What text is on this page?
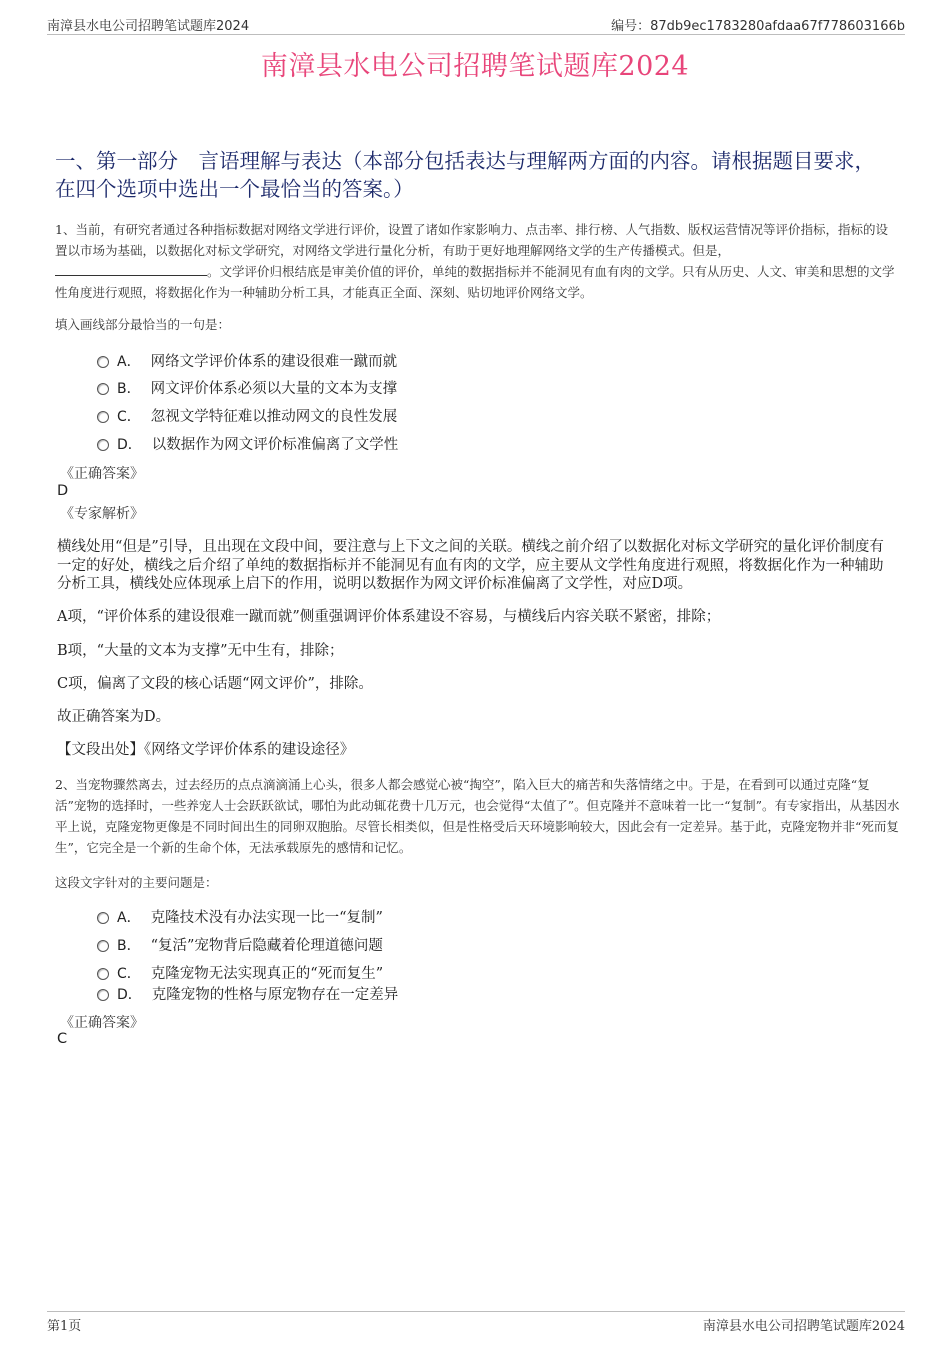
南漳县水电公司招聘笔试题库2024	编号：87db9ec1783280afdaa67f778603166b
南漳县水电公司招聘笔试题库2024
一、第一部分　言语理解与表达（本部分包括表达与理解两方面的内容。请根据题目要求，在四个选项中选出一个最恰当的答案。）
1、当前，有研究者通过各种指标数据对网络文学进行评价，设置了诸如作家影响力、点击率、排行榜、人气指数、版权运营情况等评价指标，指标的设置以市场为基础，以数据化对标文学研究，对网络文学进行量化分析，有助于更好地理解网络文学的生产传播模式。但是，
。文学评价归根结底是审美价值的评价，单纯的数据指标并不能洞见有血有肉的文学。只有从历史、人文、审美和思想的文学性角度进行观照，将数据化作为一种辅助分析工具，才能真正全面、深刻、贴切地评价网络文学。
填入画线部分最恰当的一句是：
A． 网络文学评价体系的建设很难一蹴而就
B． 网文评价体系必须以大量的文本为支撑
C． 忽视文学特征难以推动网文的良性发展
D． 以数据作为网文评价标准偏离了文学性
《正确答案》
D
《专家解析》
横线处用“但是”引导，且出现在文段中间，要注意与上下文之间的关联。横线之前介绍了以数据化对标文学研究的量化评价制度有一定的好处，横线之后介绍了单纯的数据指标并不能洞见有血有肉的文学，应主要从文学性角度进行观照，将数据化作为一种辅助分析工具，横线处应体现承上启下的作用，说明以数据作为网文评价标准偏离了文学性，对应D项。
A项，“评价体系的建设很难一蹴而就”侧重强调评价体系建设不容易，与横线后内容关联不紧密，排除；
B项，“大量的文本为支撑”无中生有，排除；
C项，偏离了文段的核心话题“网文评价”，排除。
故正确答案为D。
【文段出处】《网络文学评价体系的建设途径》
2、当宠物骤然离去，过去经历的点点滴滴涌上心头，很多人都会感觉心被“掏空”，陷入巨大的痛苦和失落情绪之中。于是，在看到可以通过克隆“复活”宠物的选择时，一些养宠人士会跃跃欲试，哪怕为此动辄花费十几万元，也会觉得“太值了”。但克隆并不意味着一比一“复制”。有专家指出，从基因水平上说，克隆宠物更像是不同时间出生的同卵双胞胎。尽管长相类似，但是性格受后天环境影响较大，因此会有一定差异。基于此，克隆宠物并非“死而复生”，它完全是一个新的生命个体，无法承载原先的感情和记忆。
这段文字针对的主要问题是：
A． 克隆技术没有办法实现一比一“复制”
B． “复活”宠物背后隐藏着伦理道德问题
C． 克隆宠物无法实现真正的“死而复生”
D． 克隆宠物的性格与原宠物存在一定差异
《正确答案》
C
第1页	南漳县水电公司招聘笔试题库2024
